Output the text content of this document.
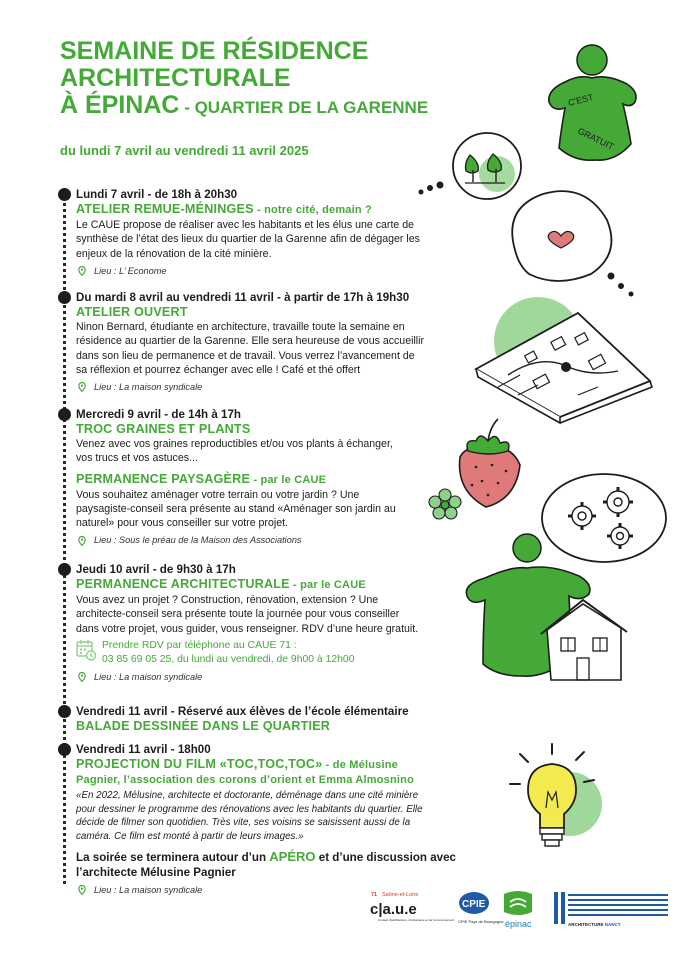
SEMAINE DE RÉSIDENCE
ARCHITECTURALE
À ÉPINAC - QUARTIER DE LA GARENNE
du lundi 7 avril au vendredi 11 avril 2025
Lundi 7 avril - de 18h à 20h30
ATELIER REMUE-MÉNINGES - notre cité, demain ?
Le CAUE propose de réaliser avec les habitants et les élus une carte de synthèse de l’état des lieux du quartier de la Garenne afin de dégager les enjeux de la rénovation de la cité minière.
Lieu : L’ Econome
Du mardi 8 avril au vendredi 11 avril - à partir de 17h à 19h30
ATELIER OUVERT
Ninon Bernard, étudiante en architecture, travaille toute la semaine en résidence au quartier de la Garenne. Elle sera heureuse de vous accueillir dans son lieu de permanence et de travail. Vous verrez l’avancement de sa réflexion et pourrez échanger avec elle ! Café et thé offert
Lieu : La maison syndicale
Mercredi 9 avril - de 14h à 17h
TROC GRAINES ET PLANTS
Venez avec vos graines reproductibles et/ou vos plants à échanger, vos trucs et vos astuces...
PERMANENCE PAYSAGÈRE - par le CAUE
Vous souhaitez aménager votre terrain ou votre jardin ? Une paysagiste-conseil sera présente au stand «Aménager son jardin au naturel» pour vous conseiller sur votre projet.
Lieu : Sous le préau de la Maison des Associations
Jeudi 10 avril - de 9h30 à 17h
PERMANENCE ARCHITECTURALE - par le CAUE
Vous avez un projet ? Construction, rénovation, extension ? Une architecte-conseil sera présente toute la journée pour vous conseiller dans votre projet, vous guider, vous renseigner. RDV d’une heure gratuit.
Prendre RDV par téléphone au CAUE 71 :
03 85 69 05 25, du lundi au vendredi, de 9h00 à 12h00
Lieu : La maison syndicale
Vendredi 11 avril - Réservé aux élèves de l’école élémentaire
BALADE DESSINÉE DANS LE QUARTIER
Vendredi 11 avril - 18h00
PROJECTION DU FILM «TOC,TOC,TOC» - de Mélusine Pagnier, l’association des corons d’orient et Emma Almosnino
«En 2022, Mélusine, architecte et doctorante, déménage dans une cité minière pour dessiner le programme des rénovations avec les habitants du quartier. Elle décide de filmer son quotidien. Très vite, ses voisins se saisissent aussi de la caméra. Ce film est monté à partir de leurs images.»
La soirée se terminera autour d’un APÉRO et d’une discussion avec l’architecte Mélusine Pagnier
Lieu : La maison syndicale
C'EST
GRATUIT
71 Saône-et-Loire
c|a.u.e
Conseil d'architecture, d'urbanisme et de l'environnement
CPIE
CPIE Pays de Bourgogne épinac	ARCHITECTURE NANCY
